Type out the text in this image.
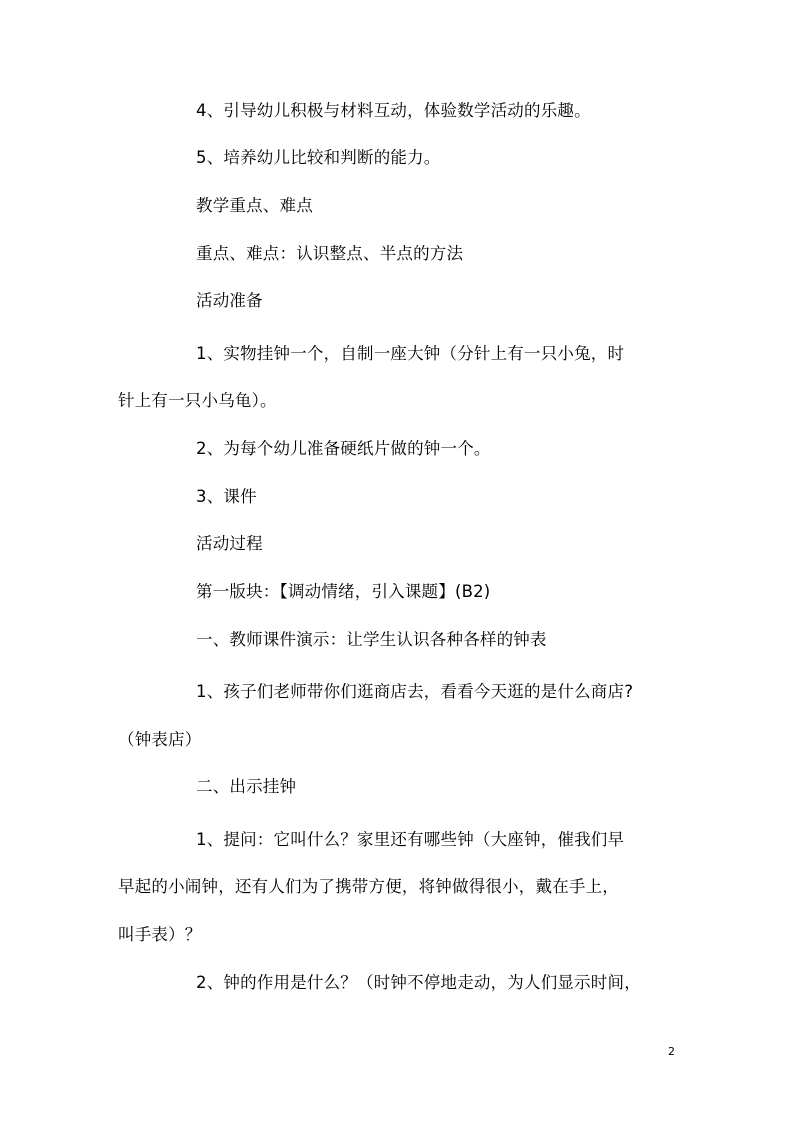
4、引导幼儿积极与材料互动，体验数学活动的乐趣。
5、培养幼儿比较和判断的能力。
教学重点、难点
重点、难点：认识整点、半点的方法
活动准备
1、实物挂钟一个，自制一座大钟（分针上有一只小兔，时
针上有一只小乌龟）。
2、为每个幼儿准备硬纸片做的钟一个。
3、课件
活动过程
第一版块：【调动情绪，引入课题】(B2)
一、教师课件演示：让学生认识各种各样的钟表
1、孩子们老师带你们逛商店去，看看今天逛的是什么商店?
（钟表店）
二、出示挂钟
1、提问：它叫什么？家里还有哪些钟（大座钟，催我们早
早起的小闹钟，还有人们为了携带方便，将钟做得很小，戴在手上，
叫手表）？
2、钟的作用是什么？（时钟不停地走动，为人们显示时间，
2
